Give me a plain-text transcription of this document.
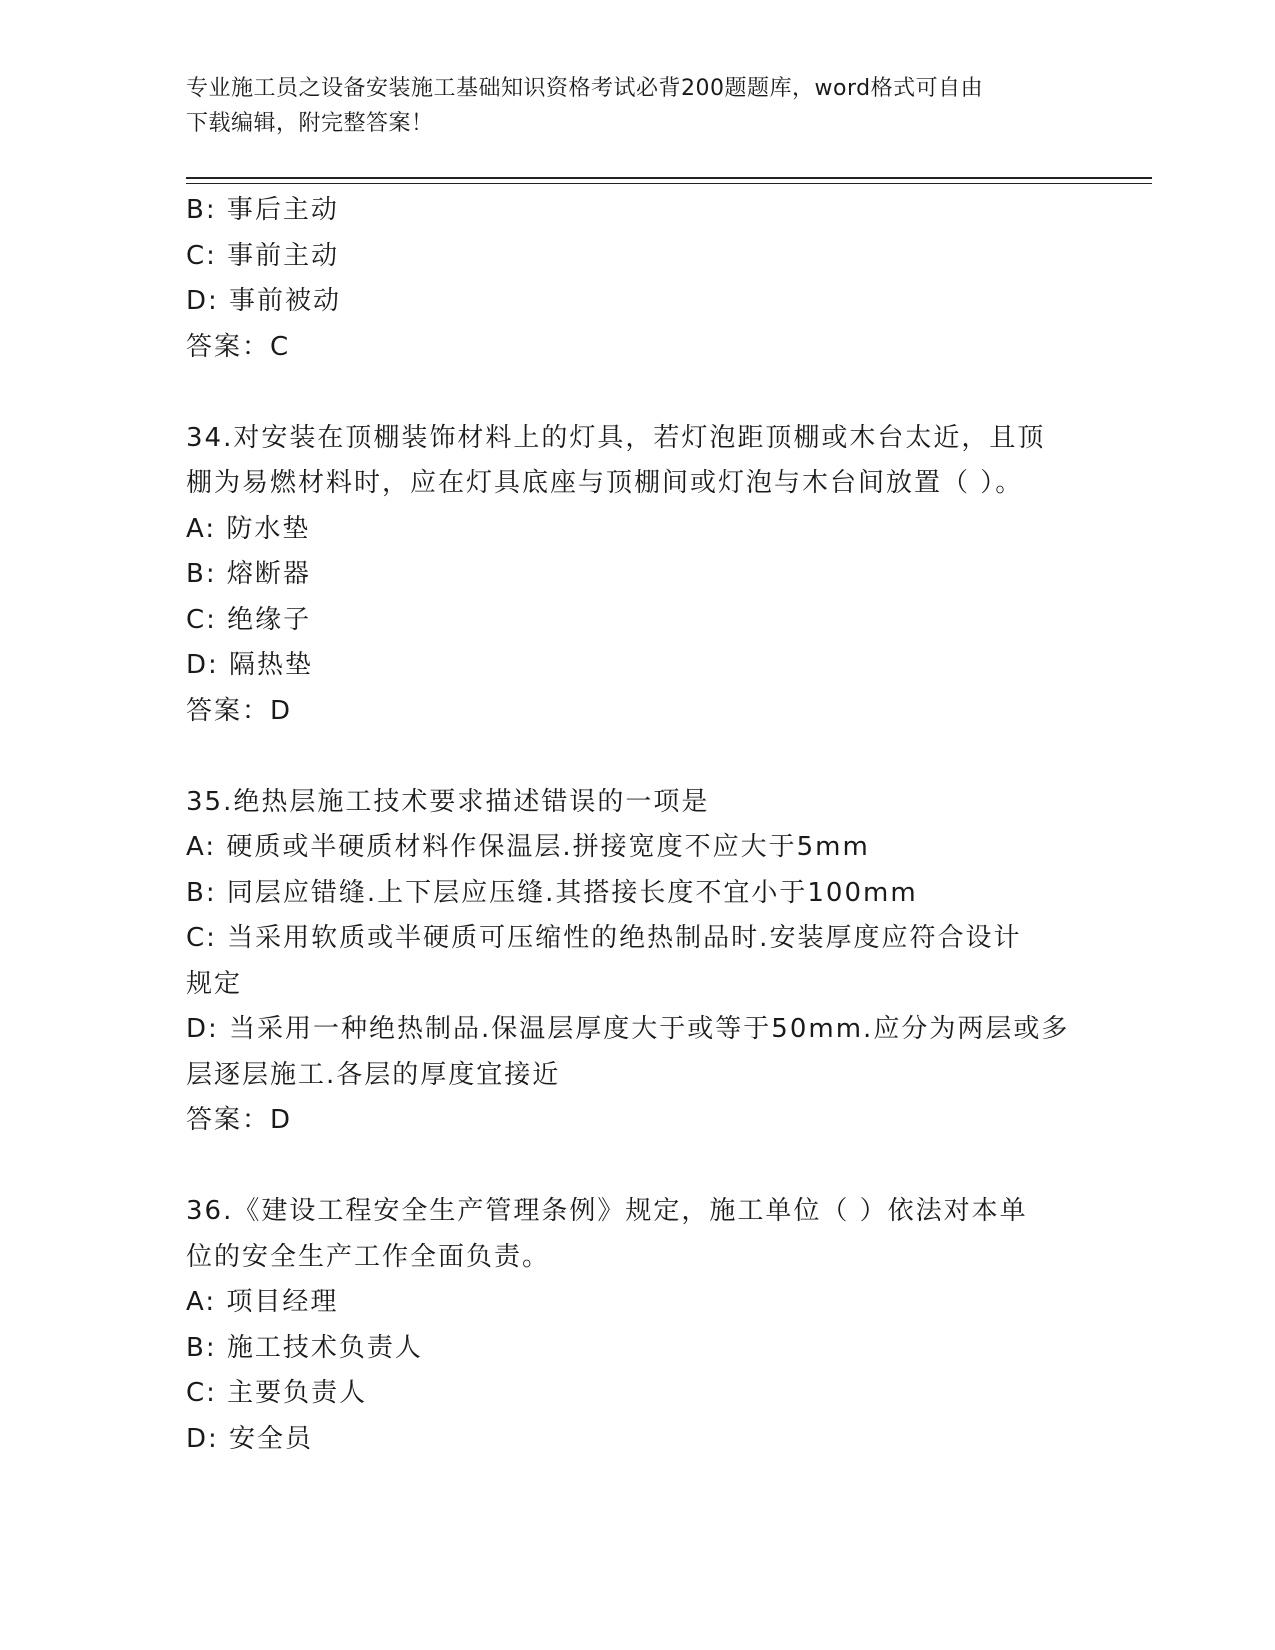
专业施工员之设备安装施工基础知识资格考试必背200题题库，word格式可自由
下载编辑，附完整答案！
B: 事后主动
C: 事前主动
D: 事前被动
答案：C
34.对安装在顶棚装饰材料上的灯具，若灯泡距顶棚或木台太近，且顶
棚为易燃材料时，应在灯具底座与顶棚间或灯泡与木台间放置（ ）。
A: 防水垫
B: 熔断器
C: 绝缘子
D: 隔热垫
答案：D
35.绝热层施工技术要求描述错误的一项是
A: 硬质或半硬质材料作保温层.拼接宽度不应大于5mm
B: 同层应错缝.上下层应压缝.其搭接长度不宜小于100mm
C: 当采用软质或半硬质可压缩性的绝热制品时.安装厚度应符合设计
规定
D: 当采用一种绝热制品.保温层厚度大于或等于50mm.应分为两层或多
层逐层施工.各层的厚度宜接近
答案：D
36.《建设工程安全生产管理条例》规定，施工单位（ ）依法对本单
位的安全生产工作全面负责。
A: 项目经理
B: 施工技术负责人
C: 主要负责人
D: 安全员
